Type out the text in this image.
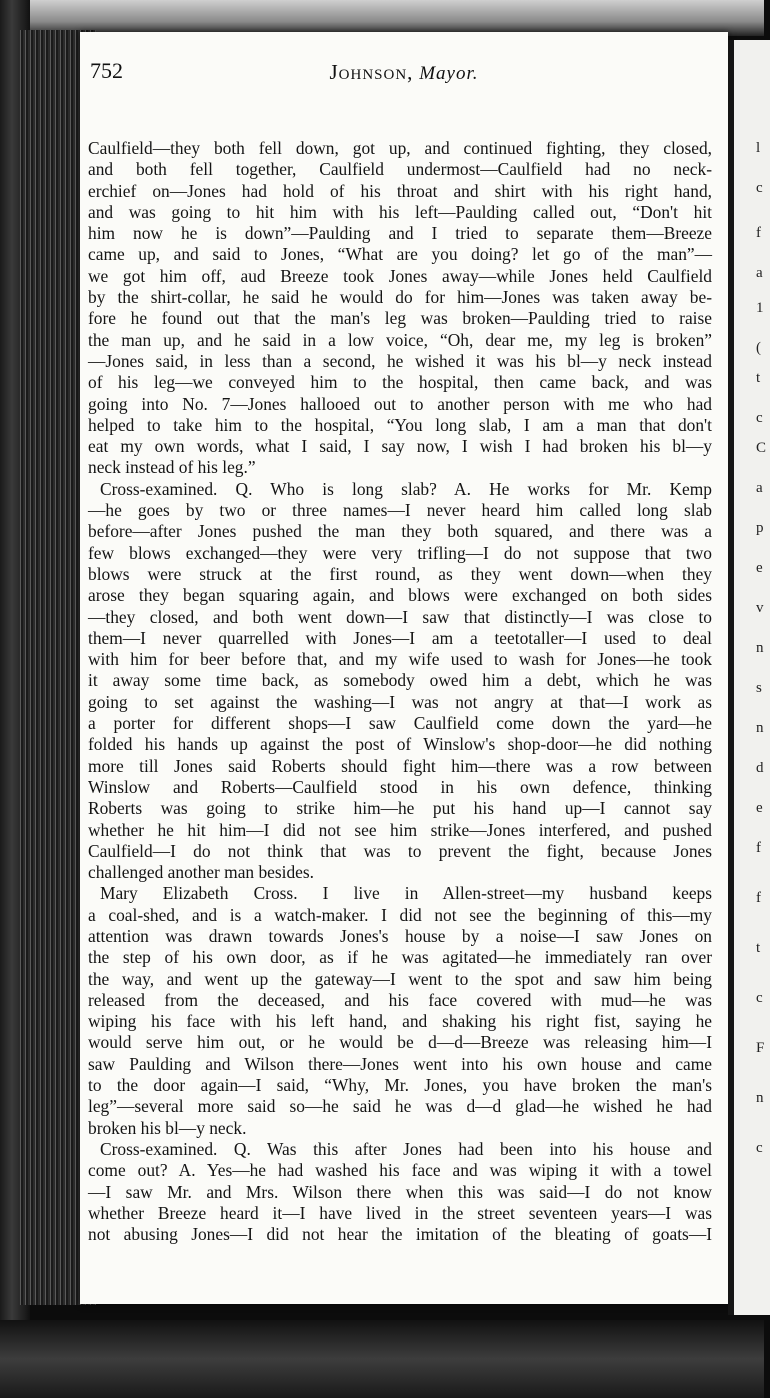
l
c
f
a
1
(
t
c
C
a
p
e
v
n
s
n
d
e
f
f
t
c
F
n
c
752	Johnson, Mayor.
Caulfield—they both fell down, got up, and continued fighting, they closed,
and both fell together, Caulfield undermost—Caulfield had no neck-
erchief on—Jones had hold of his throat and shirt with his right hand,
and was going to hit him with his left—Paulding called out, “Don't hit
him now he is down”—Paulding and I tried to separate them—Breeze
came up, and said to Jones, “What are you doing? let go of the man”—
we got him off, aud Breeze took Jones away—while Jones held Caulfield
by the shirt-collar, he said he would do for him—Jones was taken away be-
fore he found out that the man's leg was broken—Paulding tried to raise
the man up, and he said in a low voice, “Oh, dear me, my leg is broken”
—Jones said, in less than a second, he wished it was his bl—y neck instead
of his leg—we conveyed him to the hospital, then came back, and was
going into No. 7—Jones hallooed out to another person with me who had
helped to take him to the hospital, “You long slab, I am a man that don't
eat my own words, what I said, I say now, I wish I had broken his bl—y
neck instead of his leg.”
Cross-examined. Q. Who is long slab? A. He works for Mr. Kemp
—he goes by two or three names—I never heard him called long slab
before—after Jones pushed the man they both squared, and there was a
few blows exchanged—they were very trifling—I do not suppose that two
blows were struck at the first round, as they went down—when they
arose they began squaring again, and blows were exchanged on both sides
—they closed, and both went down—I saw that distinctly—I was close to
them—I never quarrelled with Jones—I am a teetotaller—I used to deal
with him for beer before that, and my wife used to wash for Jones—he took
it away some time back, as somebody owed him a debt, which he was
going to set against the washing—I was not angry at that—I work as
a porter for different shops—I saw Caulfield come down the yard—he
folded his hands up against the post of Winslow's shop-door—he did nothing
more till Jones said Roberts should fight him—there was a row between
Winslow and Roberts—Caulfield stood in his own defence, thinking
Roberts was going to strike him—he put his hand up—I cannot say
whether he hit him—I did not see him strike—Jones interfered, and pushed
Caulfield—I do not think that was to prevent the fight, because Jones
challenged another man besides.
Mary Elizabeth Cross. I live in Allen-street—my husband keeps
a coal-shed, and is a watch-maker. I did not see the beginning of this—my
attention was drawn towards Jones's house by a noise—I saw Jones on
the step of his own door, as if he was agitated—he immediately ran over
the way, and went up the gateway—I went to the spot and saw him being
released from the deceased, and his face covered with mud—he was
wiping his face with his left hand, and shaking his right fist, saying he
would serve him out, or he would be d—d—Breeze was releasing him—I
saw Paulding and Wilson there—Jones went into his own house and came
to the door again—I said, “Why, Mr. Jones, you have broken the man's
leg”—several more said so—he said he was d—d glad—he wished he had
broken his bl—y neck.
Cross-examined. Q. Was this after Jones had been into his house and
come out? A. Yes—he had washed his face and was wiping it with a towel
—I saw Mr. and Mrs. Wilson there when this was said—I do not know
whether Breeze heard it—I have lived in the street seventeen years—I was
not abusing Jones—I did not hear the imitation of the bleating of goats—I
